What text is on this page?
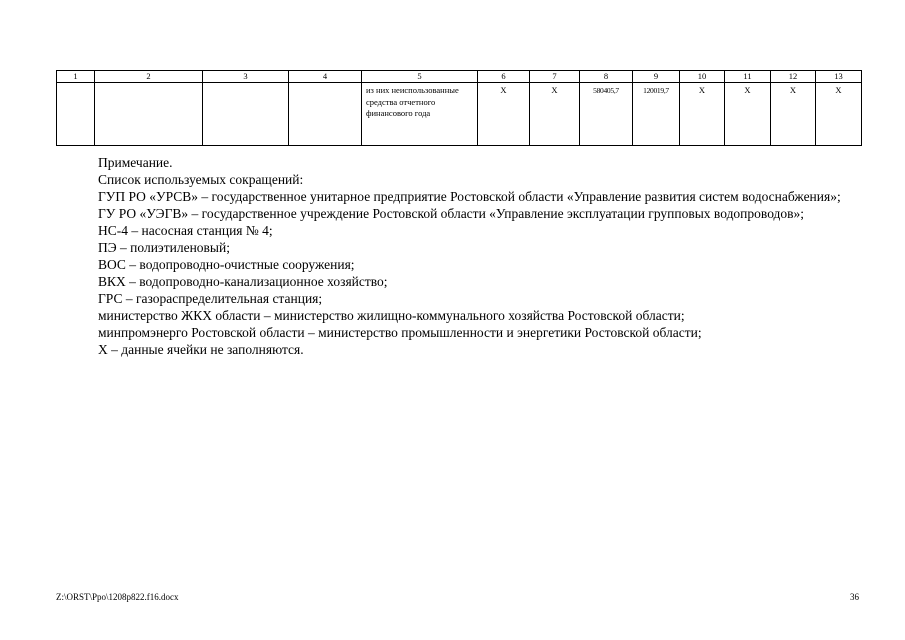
1	2	3	4	5	6	7	8	9	10	11	12	13
				из них неиспользованные средства отчетного финансового года	X	X	580405,7	120019,7	X	X	X	X

Примечание.

Список используемых сокращений:

ГУП РО «УРСВ» – государственное унитарное предприятие Ростовской области «Управление развития систем водоснабжения»;

ГУ РО «УЭГВ» – государственное учреждение Ростовской области «Управление эксплуатации групповых водопроводов»;

НС-4 – насосная станция № 4;

ПЭ – полиэтиленовый;

ВОС – водопроводно-очистные сооружения;

ВКХ – водопроводно-канализационное хозяйство;

ГРС – газораспределительная станция;

министерство ЖКХ области – министерство жилищно-коммунального хозяйства Ростовской области;

минпромэнерго Ростовской области – министерство промышленности и энергетики Ростовской области;

Х – данные ячейки не заполняются.

Z:\ORST\Ppo\1208p822.f16.docx	36
